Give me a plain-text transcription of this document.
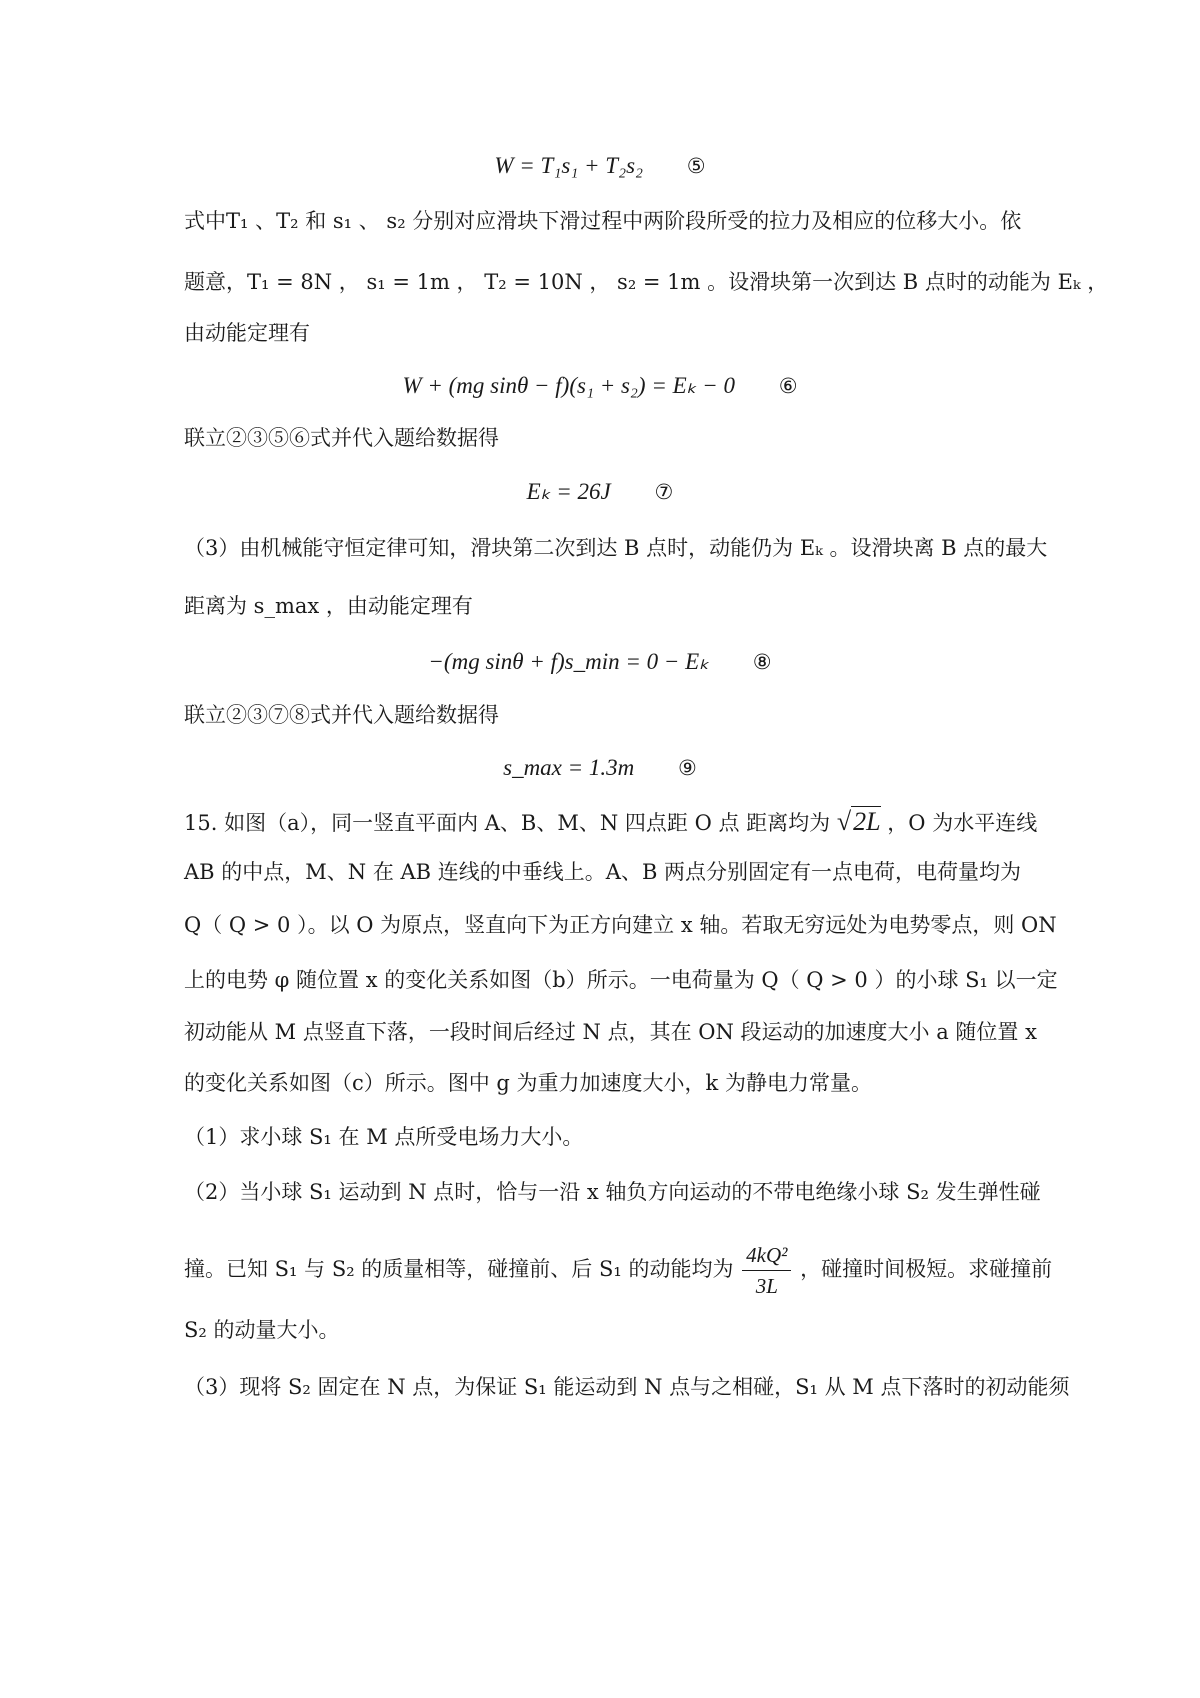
W = T₁s₁ + T₂s₂ ⑤
式中T₁ 、T₂ 和 s₁ 、 s₂ 分别对应滑块下滑过程中两阶段所受的拉力及相应的位移大小。依
题意，T₁ = 8N ， s₁ = 1m ， T₂ = 10N ， s₂ = 1m 。设滑块第一次到达 B 点时的动能为 Eₖ ，
由动能定理有
W + (mg sinθ − f)(s₁ + s₂) = Eₖ − 0 ⑥
联立②③⑤⑥式并代入题给数据得
Eₖ = 26J ⑦
（3）由机械能守恒定律可知，滑块第二次到达 B 点时，动能仍为 Eₖ 。设滑块离 B 点的最大
距离为 s_max ，由动能定理有
−(mg sinθ + f)s_min = 0 − Eₖ ⑧
联立②③⑦⑧式并代入题给数据得
s_max = 1.3m ⑨
15. 如图（a），同一竖直平面内 A、B、M、N 四点距 O 点 距离均为 √2L ，O 为水平连线
AB 的中点，M、N 在 AB 连线的中垂线上。A、B 两点分别固定有一点电荷，电荷量均为
Q（ Q > 0 ）。以 O 为原点，竖直向下为正方向建立 x 轴。若取无穷远处为电势零点，则 ON
上的电势 φ 随位置 x 的变化关系如图（b）所示。一电荷量为 Q（ Q > 0 ）的小球 S₁ 以一定
初动能从 M 点竖直下落，一段时间后经过 N 点，其在 ON 段运动的加速度大小 a 随位置 x
的变化关系如图（c）所示。图中 g 为重力加速度大小，k 为静电力常量。
（1）求小球 S₁ 在 M 点所受电场力大小。
（2）当小球 S₁ 运动到 N 点时，恰与一沿 x 轴负方向运动的不带电绝缘小球 S₂ 发生弹性碰
撞。已知 S₁ 与 S₂ 的质量相等，碰撞前、后 S₁ 的动能均为 $\frac{\text{4kQ²}}{3L}$ ，碰撞时间极短。求碰撞前
S₂ 的动量大小。
（3）现将 S₂ 固定在 N 点，为保证 S₁ 能运动到 N 点与之相碰，S₁ 从 M 点下落时的初动能须
